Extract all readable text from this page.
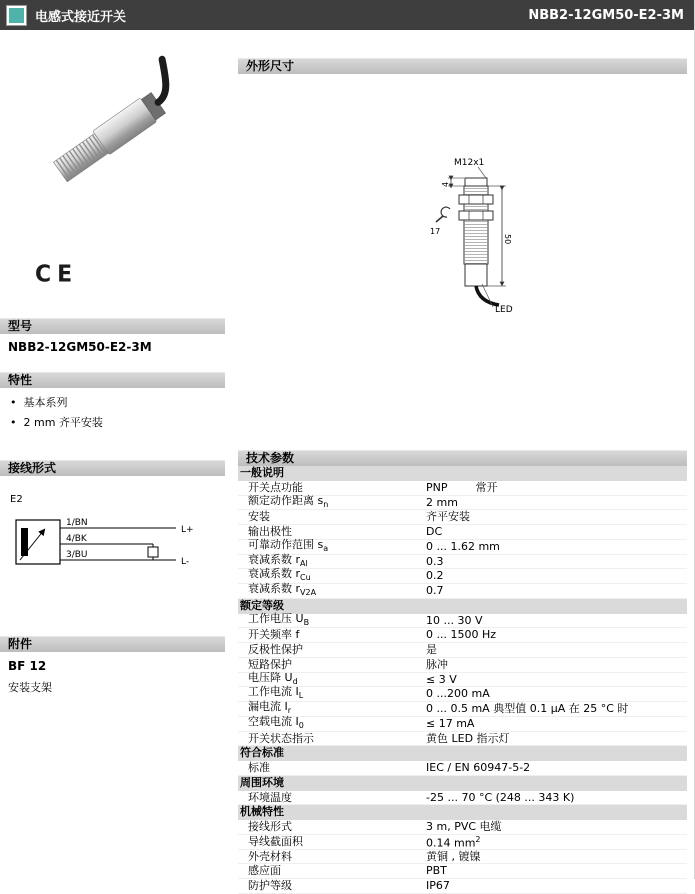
电感式接近开关	NBB2-12GM50-E2-3M
CE
型号
NBB2-12GM50-E2-3M
特性
• 基本系列
• 2 mm 齐平安装
接线形式
E2
1/BN
L+
4/BK
3/BU
L-
附件
BF 12
安装支架
外形尺寸
M12x1
LED
4
50
17
技术参数
一般说明
开关点功能	PNP        常开
额定动作距离 $s_n$	2 mm
安装	齐平安装
输出极性	DC
可靠动作范围 $s_a$	0 ... 1.62 mm
衰减系数 $r_{Al}$	0.3
衰减系数 $r_{Cu}$	0.2
衰减系数 $r_{V2A}$	0.7
额定等级
工作电压 $U_B$	10 ... 30 V
开关频率 f	0 ... 1500 Hz
反极性保护	是
短路保护	脉冲
电压降 $U_d$	≤ 3 V
工作电流 $I_L$	0 ...200 mA
漏电流 $I_r$	0 ... 0.5 mA 典型值 0.1 μA 在 25 °C 时
空载电流 $I_0$	≤ 17 mA
开关状态指示	黄色 LED 指示灯
符合标准
标准	IEC / EN 60947-5-2
周围环境
环境温度	-25 ... 70 °C (248 ... 343 K)
机械特性
接线形式	3 m, PVC 电缆
导线截面积	0.14 $mm^2$
外壳材料	黄铜 , 镀镍
感应面	PBT
防护等级	IP67
